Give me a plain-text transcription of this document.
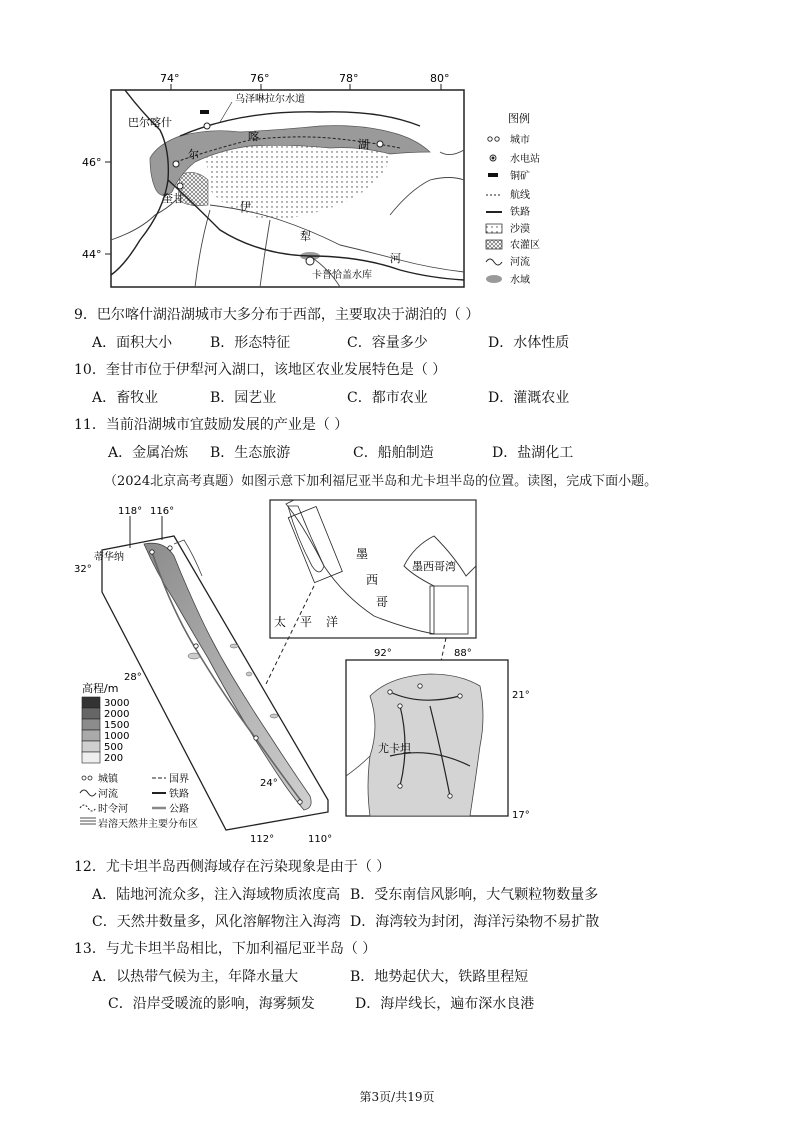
74°	76°	78°	80°
46°
44°
乌泽啉拉尔水道
巴尔喀什
奎甘
卡普恰盖水库
喀
尔
湖
伊
犁
河
图例
城市
水电站
铜矿
航线
铁路
沙漠
农灌区
河流
水域
9．巴尔喀什湖沿湖城市大多分布于西部，主要取决于湖泊的（ ）
A．面积大小	B．形态特征	C．容量多少	D．水体性质
10．奎甘市位于伊犁河入湖口，该地区农业发展特色是（ ）
A．畜牧业	B．园艺业	C．都市农业	D．灌溉农业
11．当前沿湖城市宜鼓励发展的产业是（ ）
A．金属冶炼 B．生态旅游	C．船舶制造	D．盐湖化工
（2024北京高考真题）如图示意下加利福尼亚半岛和尤卡坦半岛的位置。读图，完成下面小题。
118° 116°
32°
蒂华纳
28°
24°
112°	110°
高程/m
3000
2000
1500
1000
500
200
城镇	国界
河流	铁路
时令河	公路
岩溶天然井主要分布区
墨
西
哥
墨西哥湾
太 平 洋
92°	88°
21°
17°
尤卡坦
12．尤卡坦半岛西侧海域存在污染现象是由于（ ）
A．陆地河流众多，注入海域物质浓度高 B．受东南信风影响，大气颗粒物数量多
C．天然井数量多，风化溶解物注入海湾 D．海湾较为封闭，海洋污染物不易扩散
13．与尤卡坦半岛相比，下加利福尼亚半岛（ ）
A．以热带气候为主，年降水量大	B．地势起伏大，铁路里程短
C．沿岸受暖流的影响，海雾频发	D．海岸线长，遍布深水良港
第3页/共19页
